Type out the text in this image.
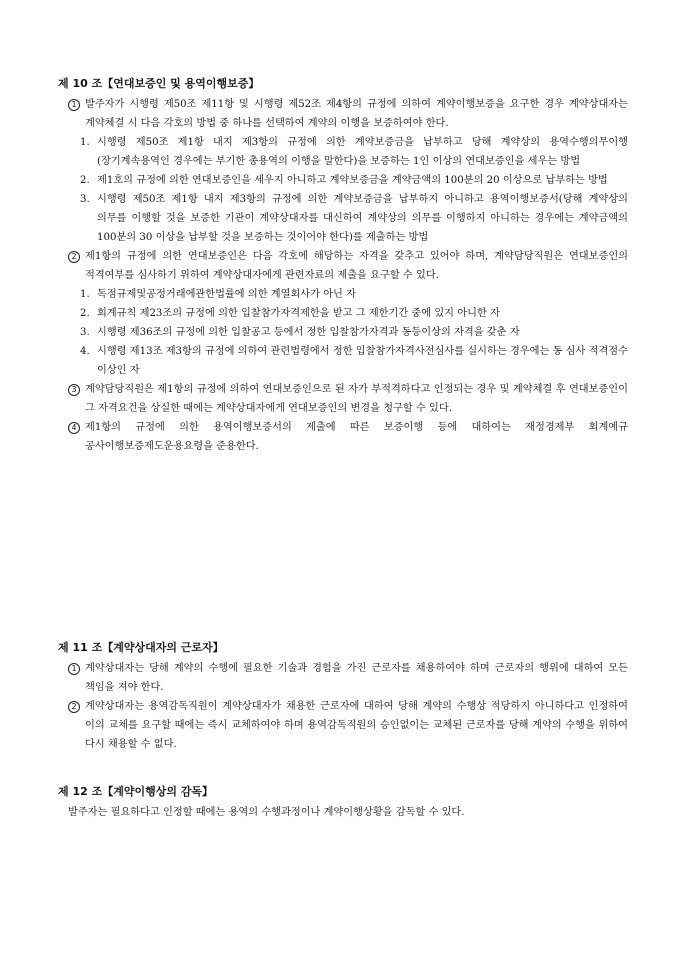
제 10 조【연대보증인 및 용역이행보증】
1 발주자가 시행령 제50조 제11항 및 시행령 제52조 제4항의 규정에 의하여 계약이행보증을 요구한 경우 계약상대자는 계약체결 시 다음 각호의 방법 중 하나를 선택하여 계약의 이행을 보증하여야 한다.
1. 시행령 제50조 제1항 내지 제3항의 규정에 의한 계약보증금을 납부하고 당해 계약상의 용역수행의무이행(장기계속용역인 경우에는 부기한 총용역의 이행을 말한다)을 보증하는 1인 이상의 연대보증인을 세우는 방법
2. 제1호의 규정에 의한 연대보증인을 세우지 아니하고 계약보증금을 계약금액의 100분의 20 이상으로 납부하는 방법
3. 시행령 제50조 제1항 내지 제3항의 규정에 의한 계약보증금을 납부하지 아니하고 용역이행보증서(당해 계약상의 의무를 이행할 것을 보증한 기관이 계약상대자를 대신하여 계약상의 의무를 이행하지 아니하는 경우에는 계약금액의 100분의 30 이상을 납부할 것을 보증하는 것이어야 한다)를 제출하는 방법
2 제1항의 규정에 의한 연대보증인은 다음 각호에 해당하는 자격을 갖추고 있어야 하며, 계약담당직원은 연대보증인의 적격여부를 심사하기 위하여 계약상대자에게 관련자료의 제출을 요구할 수 있다.
1. 독점규제및공정거래에관한법률에 의한 계열회사가 아닌 자
2. 회계규칙 제23조의 규정에 의한 입찰참가자격제한을 받고 그 제한기간 중에 있지 아니한 자
3. 시행령 제36조의 규정에 의한 입찰공고 등에서 정한 입찰참가자격과 동등이상의 자격을 갖춘 자
4. 시행령 제13조 제3항의 규정에 의하여 관련법령에서 정한 입찰참가자격사전심사를 실시하는 경우에는 동 심사 적격점수 이상인 자
3 계약담당직원은 제1항의 규정에 의하여 연대보증인으로 된 자가 부적격하다고 인정되는 경우 및 계약체결 후 연대보증인이 그 자격요건을 상실한 때에는 계약상대자에게 연대보증인의 변경을 청구할 수 있다.
4 제1항의 규정에 의한 용역이행보증서의 제출에 따른 보증이행 등에 대하여는 재정경제부 회계예규 공사이행보증제도운용요령을 준용한다.
제 11 조【계약상대자의 근로자】
1 계약상대자는 당해 계약의 수행에 필요한 기술과 경험을 가진 근로자를 채용하여야 하며 근로자의 행위에 대하여 모든 책임을 져야 한다.
2 계약상대자는 용역감독직원이 계약상대자가 채용한 근로자에 대하여 당해 계약의 수행상 적당하지 아니하다고 인정하여 이의 교체를 요구할 때에는 즉시 교체하여야 하며 용역감독직원의 승인없이는 교체된 근로자를 당해 계약의 수행을 위하여 다시 채용할 수 없다.
제 12 조【계약이행상의 감독】
발주자는 필요하다고 인정할 때에는 용역의 수행과정이나 계약이행상황을 감독할 수 있다.
